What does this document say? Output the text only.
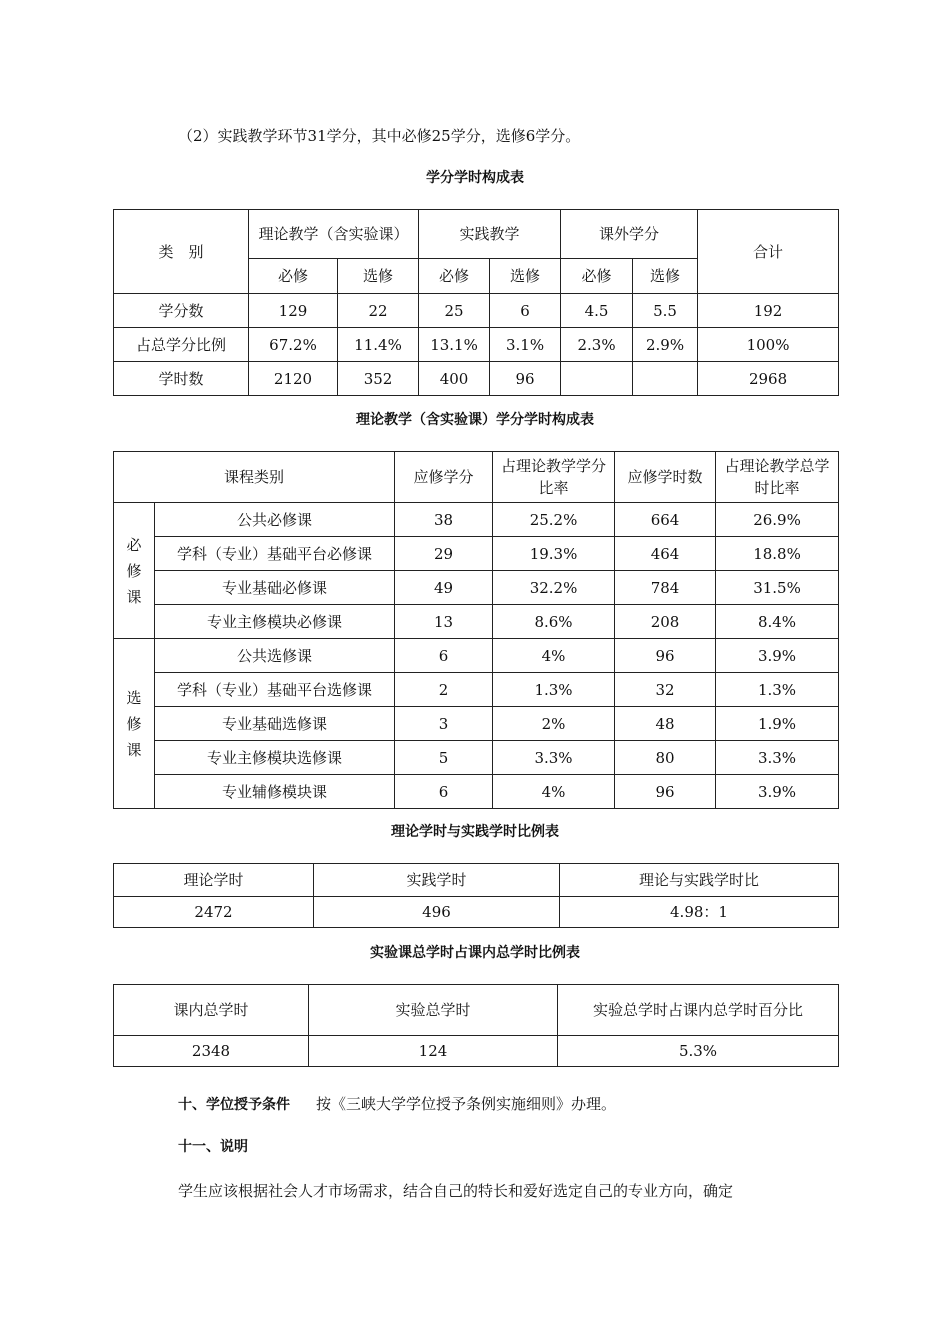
（2）实践教学环节31学分，其中必修25学分，选修6学分。
学分学时构成表
类　别	理论教学（含实验课）		实践教学		课外学分		合计
	必修	选修	必修	选修	必修	选修	
学分数	129	22	25	6	4.5	5.5	192
占总学分比例	67.2%	11.4%	13.1%	3.1%	2.3%	2.9%	100%
学时数	2120	352	400	96			2968
理论教学（含实验课）学分学时构成表
课程类别		应修学分	占理论教学学分比率	应修学时数	占理论教学总学时比率
必
修
课	公共必修课	38	25.2%	664	26.9%
	学科（专业）基础平台必修课	29	19.3%	464	18.8%
	专业基础必修课	49	32.2%	784	31.5%
	专业主修模块必修课	13	8.6%	208	8.4%
选
修
课	公共选修课	6	4%	96	3.9%
	学科（专业）基础平台选修课	2	1.3%	32	1.3%
	专业基础选修课	3	2%	48	1.9%
	专业主修模块选修课	5	3.3%	80	3.3%
	专业辅修模块课	6	4%	96	3.9%
理论学时与实践学时比例表
理论学时	实践学时	理论与实践学时比
2472	496	4.98：1
实验课总学时占课内总学时比例表
课内总学时	实验总学时	实验总学时占课内总学时百分比
2348	124	5.3%
十、学位授予条件 按《三峡大学学位授予条例实施细则》办理。
十一、说明
学生应该根据社会人才市场需求，结合自己的特长和爱好选定自己的专业方向，确定
